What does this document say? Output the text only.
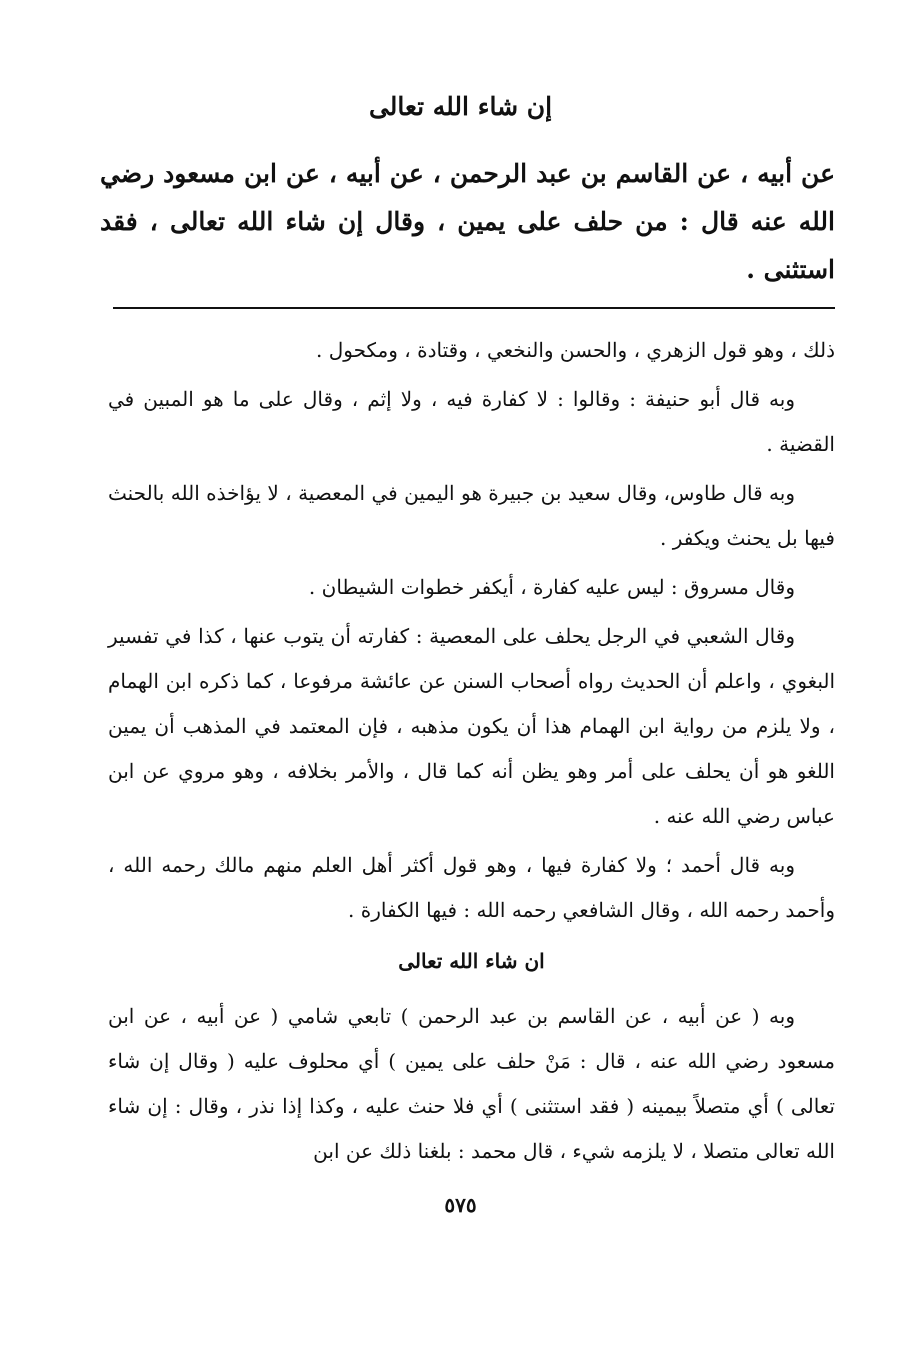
إن شاء الله تعالى

عن أبيه ، عن القاسم بن عبد الرحمن ، عن أبيه ، عن ابن مسعود رضي الله عنه قال : من حلف على يمين ، وقال إن شاء الله تعالى ، فقد استثنى .

ذلك ، وهو قول الزهري ، والحسن والنخعي ، وقتادة ، ومكحول .

وبه قال أبو حنيفة : وقالوا : لا كفارة فيه ، ولا إثم ، وقال على ما هو المبين في القضية .

وبه قال طاوس، وقال سعيد بن جبيرة هو اليمين في المعصية ، لا يؤاخذه الله بالحنث فيها بل يحنث ويكفر .

وقال مسروق : ليس عليه كفارة ، أيكفر خطوات الشيطان .

وقال الشعبي في الرجل يحلف على المعصية : كفارته أن يتوب عنها ، كذا في تفسير البغوي ، واعلم أن الحديث رواه أصحاب السنن عن عائشة مرفوعا ، كما ذكره ابن الهمام ، ولا يلزم من رواية ابن الهمام هذا أن يكون مذهبه ، فإن المعتمد في المذهب أن يمين اللغو هو أن يحلف على أمر وهو يظن أنه كما قال ، والأمر بخلافه ، وهو مروي عن ابن عباس رضي الله عنه .

وبه قال أحمد ؛ ولا كفارة فيها ، وهو قول أكثر أهل العلم منهم مالك رحمه الله ، وأحمد رحمه الله ، وقال الشافعي رحمه الله : فيها الكفارة .

ان شاء الله تعالى

وبه ( عن أبيه ، عن القاسم بن عبد الرحمن ) تابعي شامي ( عن أبيه ، عن ابن مسعود رضي الله عنه ، قال : مَنْ حلف على يمين ) أي محلوف عليه ( وقال إن شاء تعالى ) أي متصلاً بيمينه ( فقد استثنى ) أي فلا حنث عليه ، وكذا إذا نذر ، وقال : إن شاء الله تعالى متصلا ، لا يلزمه شيء ، قال محمد : بلغنا ذلك عن ابن

٥٧٥
